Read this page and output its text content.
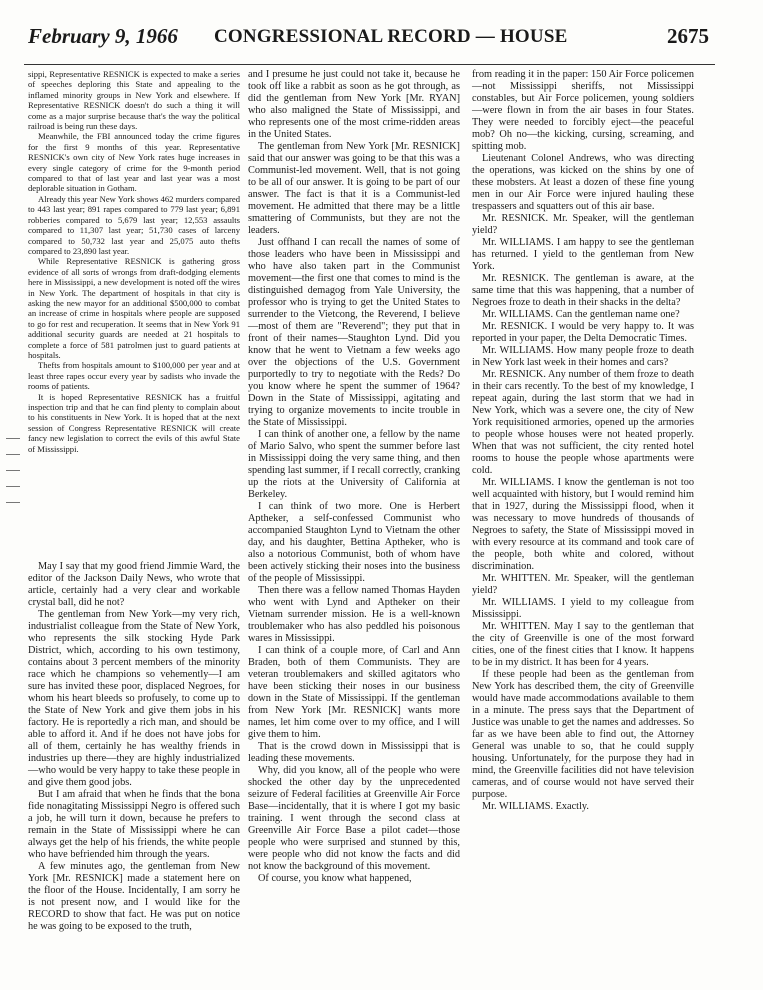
February 9, 1966 CONGRESSIONAL RECORD — HOUSE	2675

sippi, Representative RESNICK is expected to make a series of speeches deploring this State and appealing to the inflamed minority groups in New York and elsewhere. If Representative RESNICK doesn't do such a thing it will come as a major surprise because that's the way the political railroad is being run these days.

Meanwhile, the FBI announced today the crime figures for the first 9 months of this year. Representative RESNICK's own city of New York rates huge increases in every single category of crime for the 9-month period compared to that of last year and last year was a most deplorable situation in Gotham.

Already this year New York shows 462 murders compared to 443 last year; 891 rapes compared to 779 last year; 6,891 robberies compared to 5,679 last year; 12,553 assaults compared to 11,307 last year; 51,730 cases of larceny compared to 50,732 last year and 25,075 auto thefts compared to 23,890 last year.

While Representative RESNICK is gathering gross evidence of all sorts of wrongs from draft-dodging elements here in Mississippi, a new development is noted off the wires in New York. The department of hospitals in that city is asking the new mayor for an additional $500,000 to combat an increase of crime in hospitals where people are supposed to go for rest and recuperation. It seems that in New York 91 additional security guards are needed at 21 hospitals to complete a force of 581 patrolmen just to guard patients at hospitals.

Thefts from hospitals amount to $100,000 per year and at least three rapes occur every year by sadists who invade the rooms of patients.

It is hoped Representative RESNICK has a fruitful inspection trip and that he can find plenty to complain about to his constituents in New York. It is hoped that at the next session of Congress Representative RESNICK will create fancy new legislation to correct the evils of this awful State of Mississippi.

May I say that my good friend Jimmie Ward, the editor of the Jackson Daily News, who wrote that article, certainly had a very clear and workable crystal ball, did he not?

The gentleman from New York—my very rich, industrialist colleague from the State of New York, who represents the silk stocking Hyde Park District, which, according to his own testimony, contains about 3 percent members of the minority race which he champions so vehemently—I am sure has invited these poor, displaced Negroes, for whom his heart bleeds so profusely, to come up to the State of New York and give them jobs in his factory. He is reportedly a rich man, and should be able to afford it. And if he does not have jobs for all of them, certainly he has wealthy friends in industries up there—they are highly industrialized—who would be very happy to take these people in and give them good jobs.

But I am afraid that when he finds that the bona fide nonagitating Mississippi Negro is offered such a job, he will turn it down, because he prefers to remain in the State of Mississippi where he can always get the help of his friends, the white people who have befriended him through the years.

A few minutes ago, the gentleman from New York [Mr. RESNICK] made a statement here on the floor of the House. Incidentally, I am sorry he is not present now, and I would like for the RECORD to show that fact. He was put on notice he was going to be exposed to the truth,

and I presume he just could not take it, because he took off like a rabbit as soon as he got through, as did the gentleman from New York [Mr. RYAN] who also maligned the State of Mississippi, and who represents one of the most crime-ridden areas in the United States.

The gentleman from New York [Mr. RESNICK] said that our answer was going to be that this was a Communist-led movement. Well, that is not going to be all of our answer. It is going to be part of our answer. The fact is that it is a Communist-led movement. He admitted that there may be a little smattering of Communists, but they are not the leaders.

Just offhand I can recall the names of some of those leaders who have been in Mississippi and who have also taken part in the Communist movement—the first one that comes to mind is the distinguished demagog from Yale University, the professor who is trying to get the United States to surrender to the Vietcong, the Reverend, I believe—most of them are "Reverend"; they put that in front of their names—Staughton Lynd. Did you know that he went to Vietnam a few weeks ago over the objections of the U.S. Government purportedly to try to negotiate with the Reds? Do you know where he spent the summer of 1964? Down in the State of Mississippi, agitating and trying to organize movements to incite trouble in the State of Mississippi.

I can think of another one, a fellow by the name of Mario Salvo, who spent the summer before last in Mississippi doing the very same thing, and then spending last summer, if I recall correctly, cranking up the riots at the University of California at Berkeley.

I can think of two more. One is Herbert Aptheker, a self-confessed Communist who accompanied Staughton Lynd to Vietnam the other day, and his daughter, Bettina Aptheker, who is also a notorious Communist, both of whom have been actively sticking their noses into the business of the people of Mississippi.

Then there was a fellow named Thomas Hayden who went with Lynd and Aptheker on their Vietnam surrender mission. He is a well-known troublemaker who has also peddled his poisonous wares in Mississippi.

I can think of a couple more, of Carl and Ann Braden, both of them Communists. They are veteran troublemakers and skilled agitators who have been sticking their noses in our business down in the State of Mississippi. If the gentleman from New York [Mr. RESNICK] wants more names, let him come over to my office, and I will give them to him.

That is the crowd down in Mississippi that is leading these movements.

Why, did you know, all of the people who were shocked the other day by the unprecedented seizure of Federal facilities at Greenville Air Force Base—incidentally, that it is where I got my basic training. I went through the second class at Greenville Air Force Base a pilot cadet—those people who were surprised and stunned by this, were people who did not know the facts and did not know the background of this movement.

Of course, you know what happened,

from reading it in the paper: 150 Air Force policemen—not Mississippi sheriffs, not Mississippi constables, but Air Force policemen, young soldiers—were flown in from the air bases in four States. They were needed to forcibly eject—the peaceful mob? Oh no—the kicking, cursing, screaming, and spitting mob.

Lieutenant Colonel Andrews, who was directing the operations, was kicked on the shins by one of these mobsters. At least a dozen of these fine young men in our Air Force were injured hauling these trespassers and squatters out of this air base.

Mr. RESNICK. Mr. Speaker, will the gentleman yield?

Mr. WILLIAMS. I am happy to see the gentleman has returned. I yield to the gentleman from New York.

Mr. RESNICK. The gentleman is aware, at the same time that this was happening, that a number of Negroes froze to death in their shacks in the delta?

Mr. WILLIAMS. Can the gentleman name one?

Mr. RESNICK. I would be very happy to. It was reported in your paper, the Delta Democratic Times.

Mr. WILLIAMS. How many people froze to death in New York last week in their homes and cars?

Mr. RESNICK. Any number of them froze to death in their cars recently. To the best of my knowledge, I repeat again, during the last storm that we had in New York, which was a severe one, the city of New York requisitioned armories, opened up the armories to people whose houses were not heated properly. When that was not sufficient, the city rented hotel rooms to house the people whose apartments were cold.

Mr. WILLIAMS. I know the gentleman is not too well acquainted with history, but I would remind him that in 1927, during the Mississippi flood, when it was necessary to move hundreds of thousands of Negroes to safety, the State of Mississippi moved in with every resource at its command and took care of the people, both white and colored, without discrimination.

Mr. WHITTEN. Mr. Speaker, will the gentleman yield?

Mr. WILLIAMS. I yield to my colleague from Mississippi.

Mr. WHITTEN. May I say to the gentleman that the city of Greenville is one of the most forward cities, one of the finest cities that I know. It happens to be in my district. It has been for 4 years.

If these people had been as the gentleman from New York has described them, the city of Greenville would have made accommodations available to them in a minute. The press says that the Department of Justice was unable to get the names and addresses. So far as we have been able to find out, the Attorney General was unable to so, that he could supply housing. Unfortunately, for the purpose they had in mind, the Greenville facilities did not have television cameras, and of course would not have served their purpose.

Mr. WILLIAMS. Exactly.
